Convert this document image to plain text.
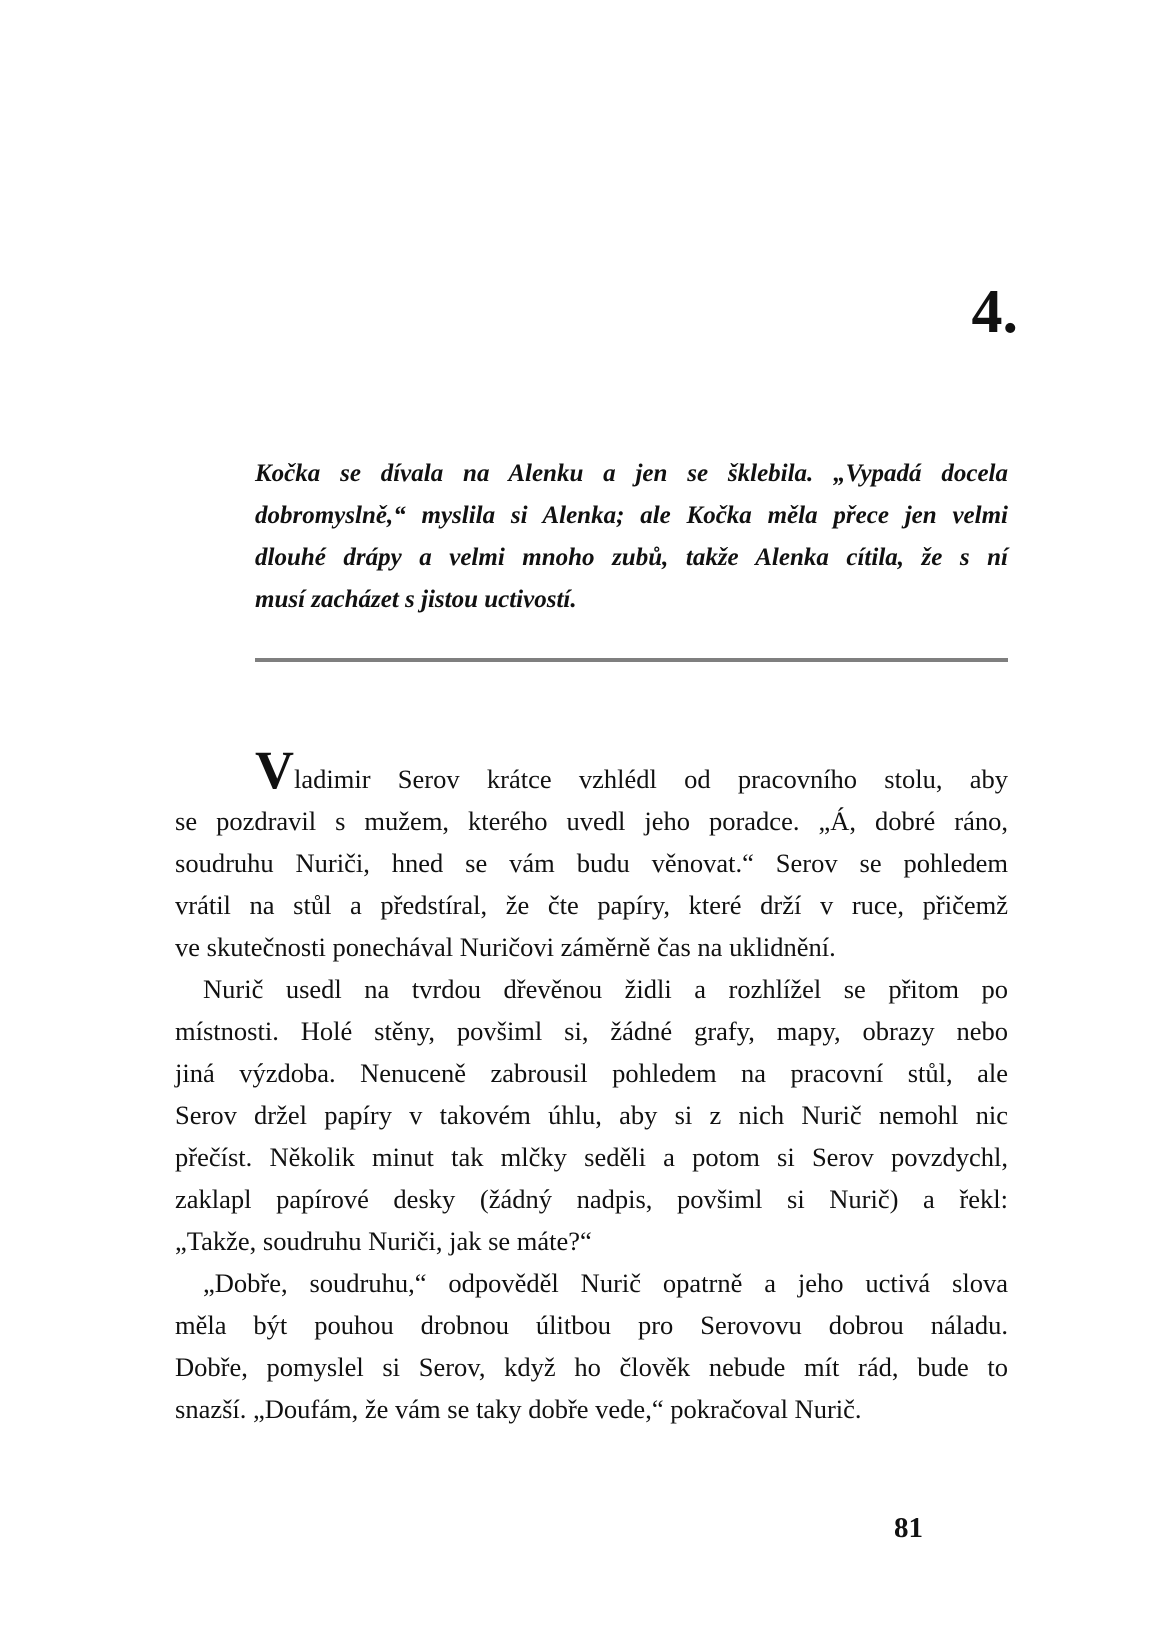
4.
Kočka se dívala na Alenku a jen se šklebila. „Vypadá docela
dobromyslně,“ myslila si Alenka; ale Kočka měla přece jen velmi
dlouhé drápy a velmi mnoho zubů, takže Alenka cítila, že s ní
musí zacházet s jistou uctivostí.
Vladimir Serov krátce vzhlédl od pracovního stolu, aby
se pozdravil s mužem, kterého uvedl jeho poradce. „Á, dobré ráno,
soudruhu Nuriči, hned se vám budu věnovat.“ Serov se pohledem
vrátil na stůl a předstíral, že čte papíry, které drží v ruce, přičemž
ve skutečnosti ponechával Nuričovi záměrně čas na uklidnění.
Nurič usedl na tvrdou dřevěnou židli a rozhlížel se přitom po
místnosti. Holé stěny, povšiml si, žádné grafy, mapy, obrazy nebo
jiná výzdoba. Nenuceně zabrousil pohledem na pracovní stůl, ale
Serov držel papíry v takovém úhlu, aby si z nich Nurič nemohl nic
přečíst. Několik minut tak mlčky seděli a potom si Serov povzdychl,
zaklapl papírové desky (žádný nadpis, povšiml si Nurič) a řekl:
„Takže, soudruhu Nuriči, jak se máte?“
„Dobře, soudruhu,“ odpověděl Nurič opatrně a jeho uctivá slova
měla být pouhou drobnou úlitbou pro Serovovu dobrou náladu.
Dobře, pomyslel si Serov, když ho člověk nebude mít rád, bude to
snazší. „Doufám, že vám se taky dobře vede,“ pokračoval Nurič.
81
